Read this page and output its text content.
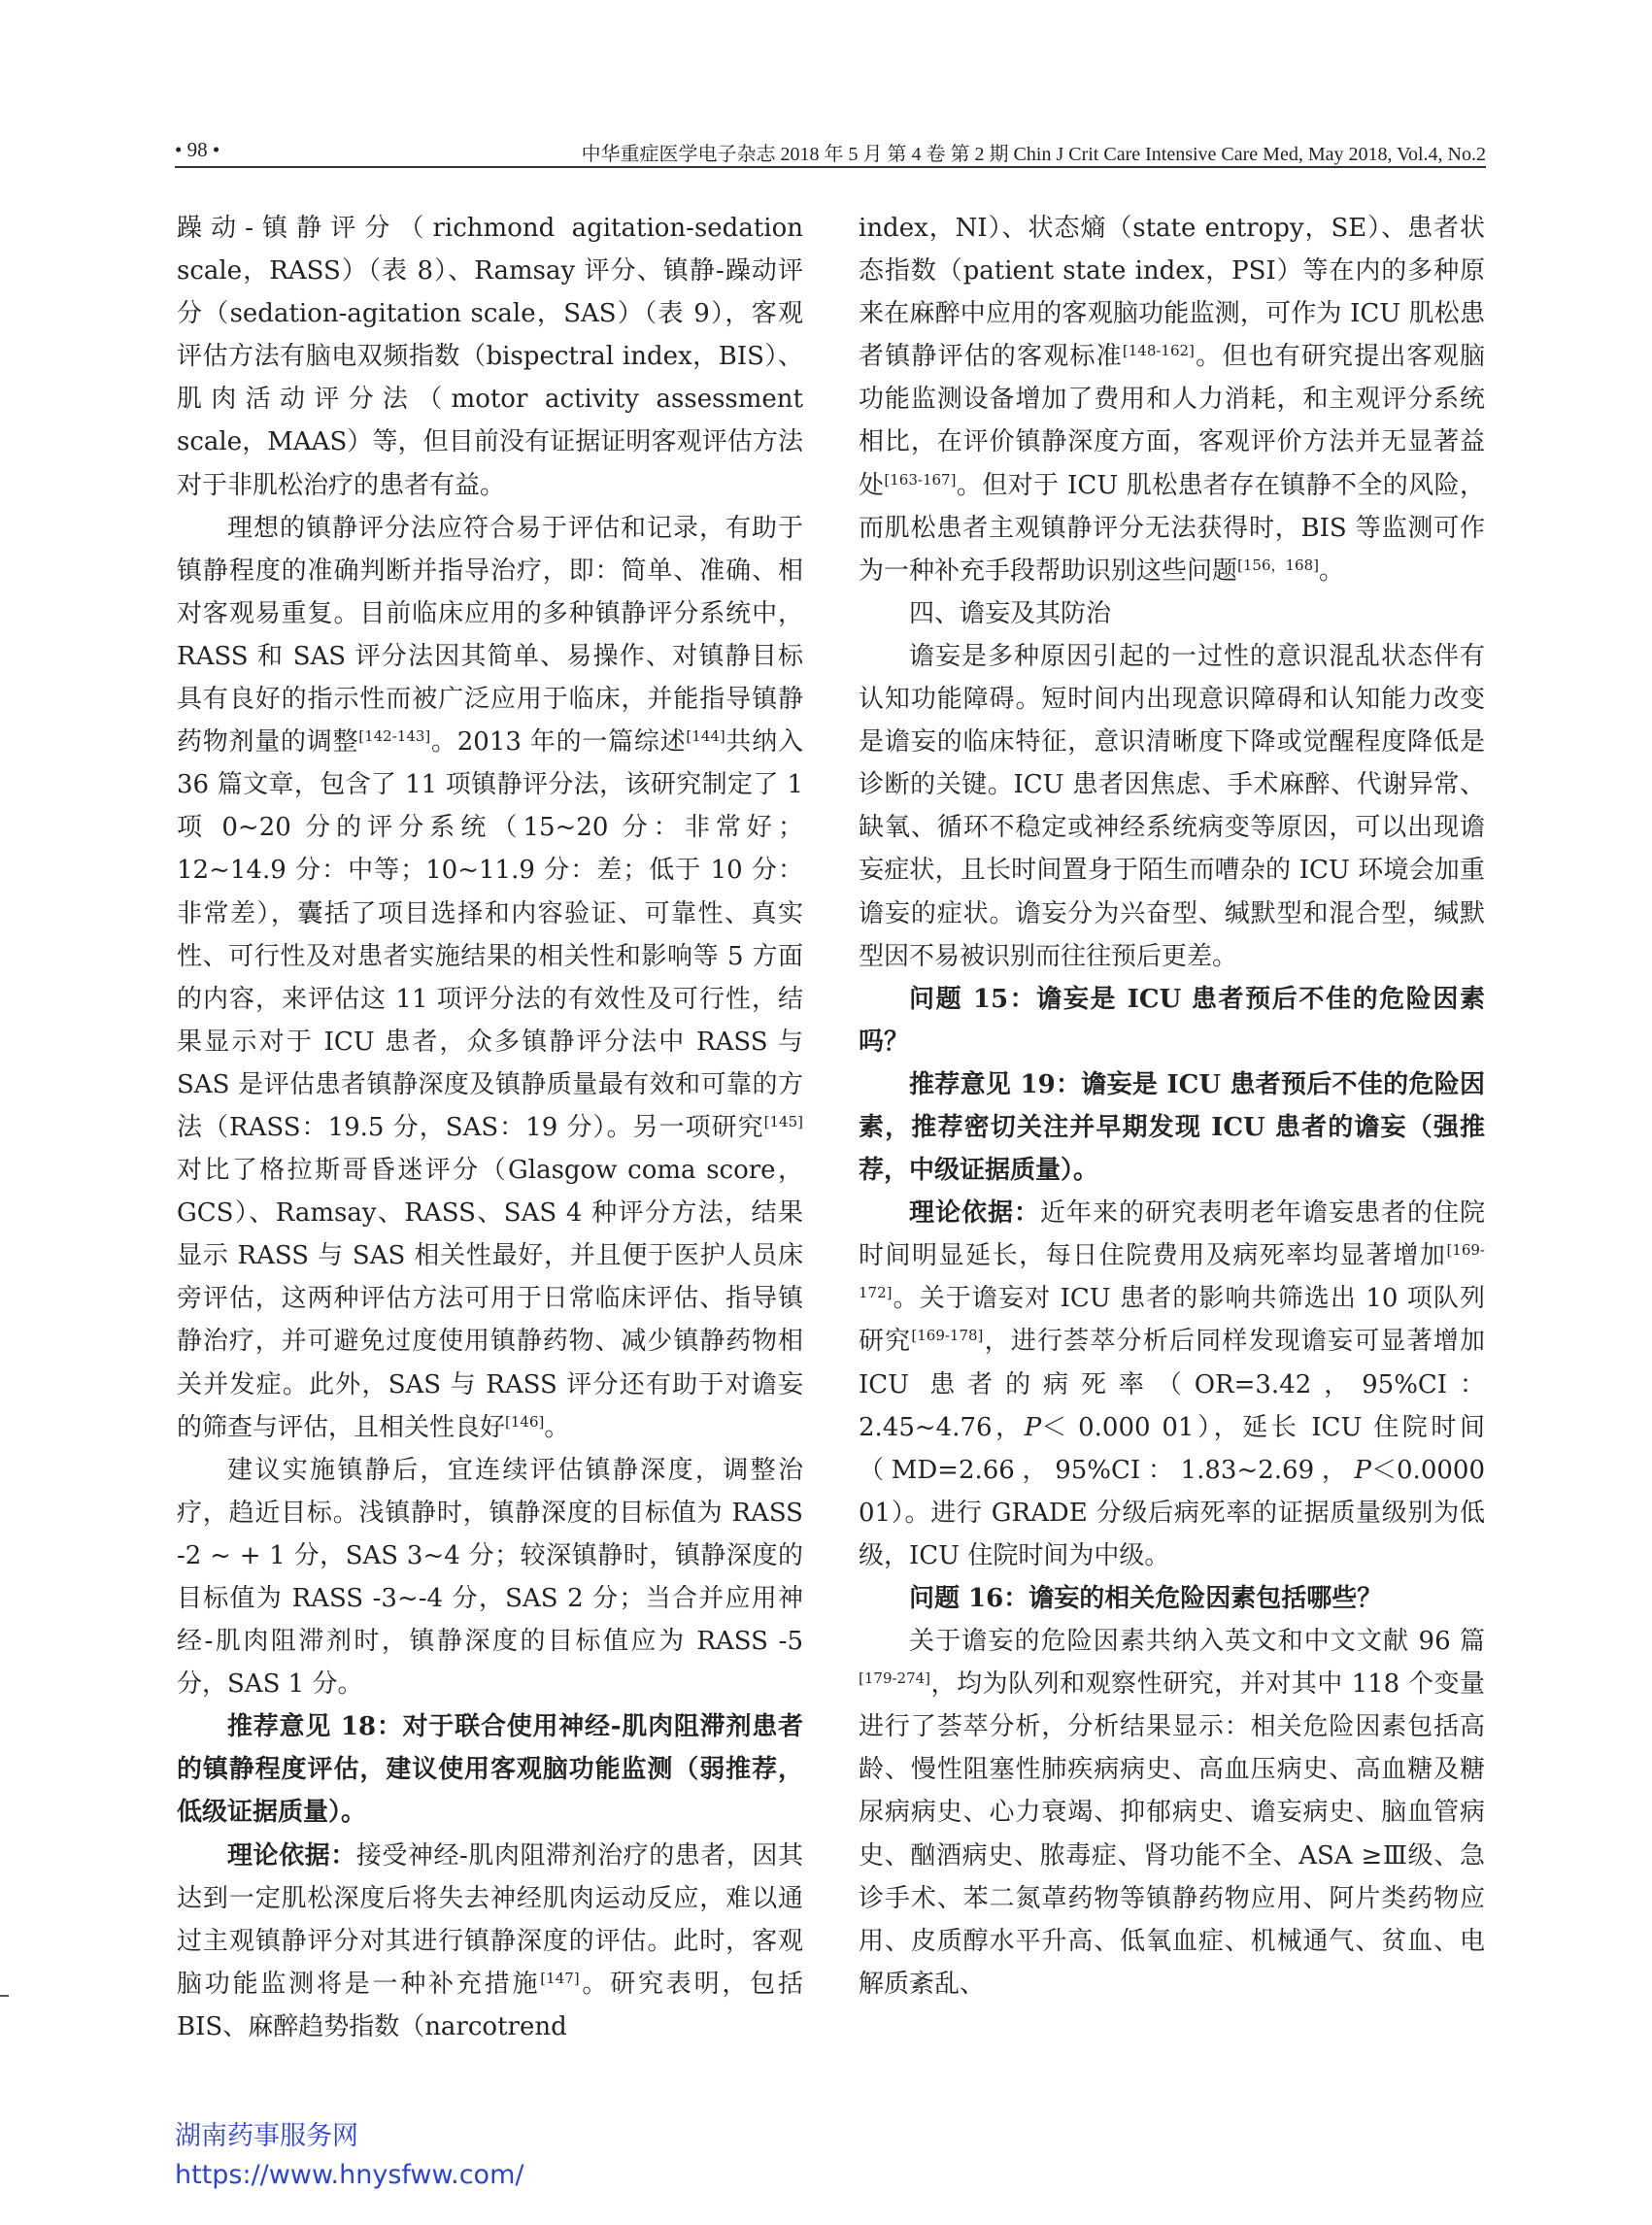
• 98 •	中华重症医学电子杂志 2018 年 5 月 第 4 卷 第 2 期 Chin J Crit Care Intensive Care Med, May 2018, Vol.4, No.2

躁动-镇静评分（richmond agitation-sedation scale，RASS）（表 8）、Ramsay 评分、镇静-躁动评分（sedation-agitation scale，SAS）（表 9），客观评估方法有脑电双频指数（bispectral index，BIS）、肌肉活动评分法（motor activity assessment scale，MAAS）等，但目前没有证据证明客观评估方法对于非肌松治疗的患者有益。

理想的镇静评分法应符合易于评估和记录，有助于镇静程度的准确判断并指导治疗，即：简单、准确、相对客观易重复。目前临床应用的多种镇静评分系统中，RASS 和 SAS 评分法因其简单、易操作、对镇静目标具有良好的指示性而被广泛应用于临床，并能指导镇静药物剂量的调整[142-143]。2013 年的一篇综述[144]共纳入 36 篇文章，包含了 11 项镇静评分法，该研究制定了 1 项 0~20 分的评分系统（15~20 分：非常好；12~14.9 分：中等；10~11.9 分：差；低于 10 分：非常差），囊括了项目选择和内容验证、可靠性、真实性、可行性及对患者实施结果的相关性和影响等 5 方面的内容，来评估这 11 项评分法的有效性及可行性，结果显示对于 ICU 患者，众多镇静评分法中 RASS 与 SAS 是评估患者镇静深度及镇静质量最有效和可靠的方法（RASS：19.5 分，SAS：19 分）。另一项研究[145]对比了格拉斯哥昏迷评分（Glasgow coma score，GCS）、Ramsay、RASS、SAS 4 种评分方法，结果显示 RASS 与 SAS 相关性最好，并且便于医护人员床旁评估，这两种评估方法可用于日常临床评估、指导镇静治疗，并可避免过度使用镇静药物、减少镇静药物相关并发症。此外，SAS 与 RASS 评分还有助于对谵妄的筛查与评估，且相关性良好[146]。

建议实施镇静后，宜连续评估镇静深度，调整治疗，趋近目标。浅镇静时，镇静深度的目标值为 RASS -2 ~ + 1 分，SAS 3~4 分；较深镇静时，镇静深度的目标值为 RASS -3~-4 分，SAS 2 分；当合并应用神经-肌肉阻滞剂时，镇静深度的目标值应为 RASS -5 分，SAS 1 分。

推荐意见 18：对于联合使用神经-肌肉阻滞剂患者的镇静程度评估，建议使用客观脑功能监测（弱推荐，低级证据质量）。

理论依据：接受神经-肌肉阻滞剂治疗的患者，因其达到一定肌松深度后将失去神经肌肉运动反应，难以通过主观镇静评分对其进行镇静深度的评估。此时，客观脑功能监测将是一种补充措施[147]。研究表明，包括 BIS、麻醉趋势指数（narcotrend

index，NI）、状态熵（state entropy，SE）、患者状态指数（patient state index，PSI）等在内的多种原来在麻醉中应用的客观脑功能监测，可作为 ICU 肌松患者镇静评估的客观标准[148-162]。但也有研究提出客观脑功能监测设备增加了费用和人力消耗，和主观评分系统相比，在评价镇静深度方面，客观评价方法并无显著益处[163-167]。但对于 ICU 肌松患者存在镇静不全的风险，而肌松患者主观镇静评分无法获得时，BIS 等监测可作为一种补充手段帮助识别这些问题[156，168]。

四、谵妄及其防治

谵妄是多种原因引起的一过性的意识混乱状态伴有认知功能障碍。短时间内出现意识障碍和认知能力改变是谵妄的临床特征，意识清晰度下降或觉醒程度降低是诊断的关键。ICU 患者因焦虑、手术麻醉、代谢异常、缺氧、循环不稳定或神经系统病变等原因，可以出现谵妄症状，且长时间置身于陌生而嘈杂的 ICU 环境会加重谵妄的症状。谵妄分为兴奋型、缄默型和混合型，缄默型因不易被识别而往往预后更差。

问题 15：谵妄是 ICU 患者预后不佳的危险因素吗？

推荐意见 19：谵妄是 ICU 患者预后不佳的危险因素，推荐密切关注并早期发现 ICU 患者的谵妄（强推荐，中级证据质量）。

理论依据：近年来的研究表明老年谵妄患者的住院时间明显延长，每日住院费用及病死率均显著增加[169-172]。关于谵妄对 ICU 患者的影响共筛选出 10 项队列研究[169-178]，进行荟萃分析后同样发现谵妄可显著增加 ICU 患者的病死率（OR=3.42，95%CI：2.45~4.76，P＜ 0.000 01），延长 ICU 住院时间（MD=2.66，95%CI：1.83~2.69，P＜0.0000 01）。进行 GRADE 分级后病死率的证据质量级别为低级，ICU 住院时间为中级。

问题 16：谵妄的相关危险因素包括哪些？

关于谵妄的危险因素共纳入英文和中文文献 96 篇[179-274]，均为队列和观察性研究，并对其中 118 个变量进行了荟萃分析，分析结果显示：相关危险因素包括高龄、慢性阻塞性肺疾病病史、高血压病史、高血糖及糖尿病病史、心力衰竭、抑郁病史、谵妄病史、脑血管病史、酗酒病史、脓毒症、肾功能不全、ASA ≥Ⅲ级、急诊手术、苯二氮䓬药物等镇静药物应用、阿片类药物应用、皮质醇水平升高、低氧血症、机械通气、贫血、电解质紊乱、

湖南药事服务网
https://www.hnysfww.com/
